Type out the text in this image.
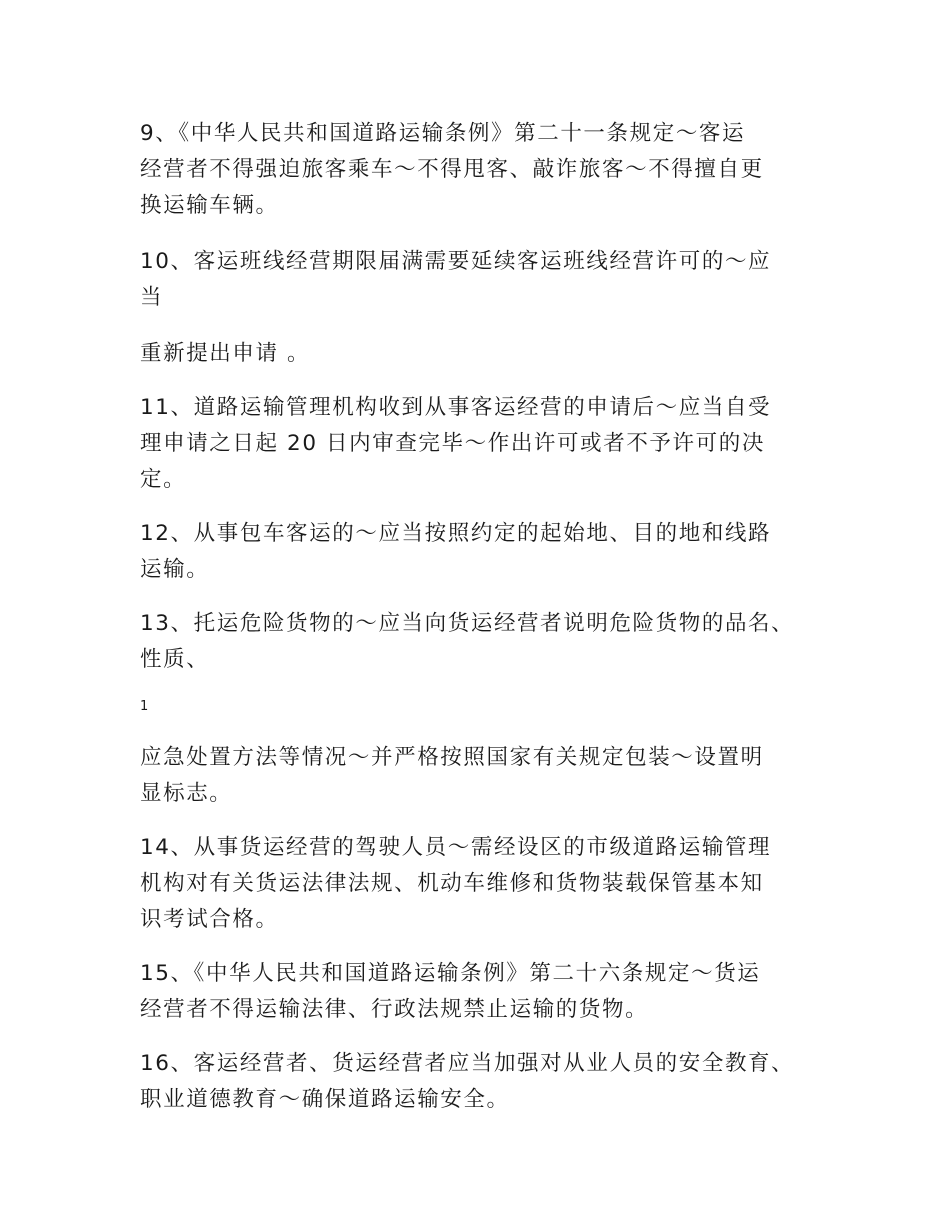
9、《中华人民共和国道路运输条例》第二十一条规定～客运

经营者不得强迫旅客乘车～不得甩客、敲诈旅客～不得擅自更

换运输车辆。

10、客运班线经营期限届满需要延续客运班线经营许可的～应

当

重新提出申请 。

11、道路运输管理机构收到从事客运经营的申请后～应当自受

理申请之日起 20 日内审查完毕～作出许可或者不予许可的决

定。

12、从事包车客运的～应当按照约定的起始地、目的地和线路

运输。

13、托运危险货物的～应当向货运经营者说明危险货物的品名、

性质、

1

应急处置方法等情况～并严格按照国家有关规定包装～设置明

显标志。

14、从事货运经营的驾驶人员～需经设区的市级道路运输管理

机构对有关货运法律法规、机动车维修和货物装载保管基本知

识考试合格。

15、《中华人民共和国道路运输条例》第二十六条规定～货运

经营者不得运输法律、行政法规禁止运输的货物。

16、客运经营者、货运经营者应当加强对从业人员的安全教育、

职业道德教育～确保道路运输安全。
